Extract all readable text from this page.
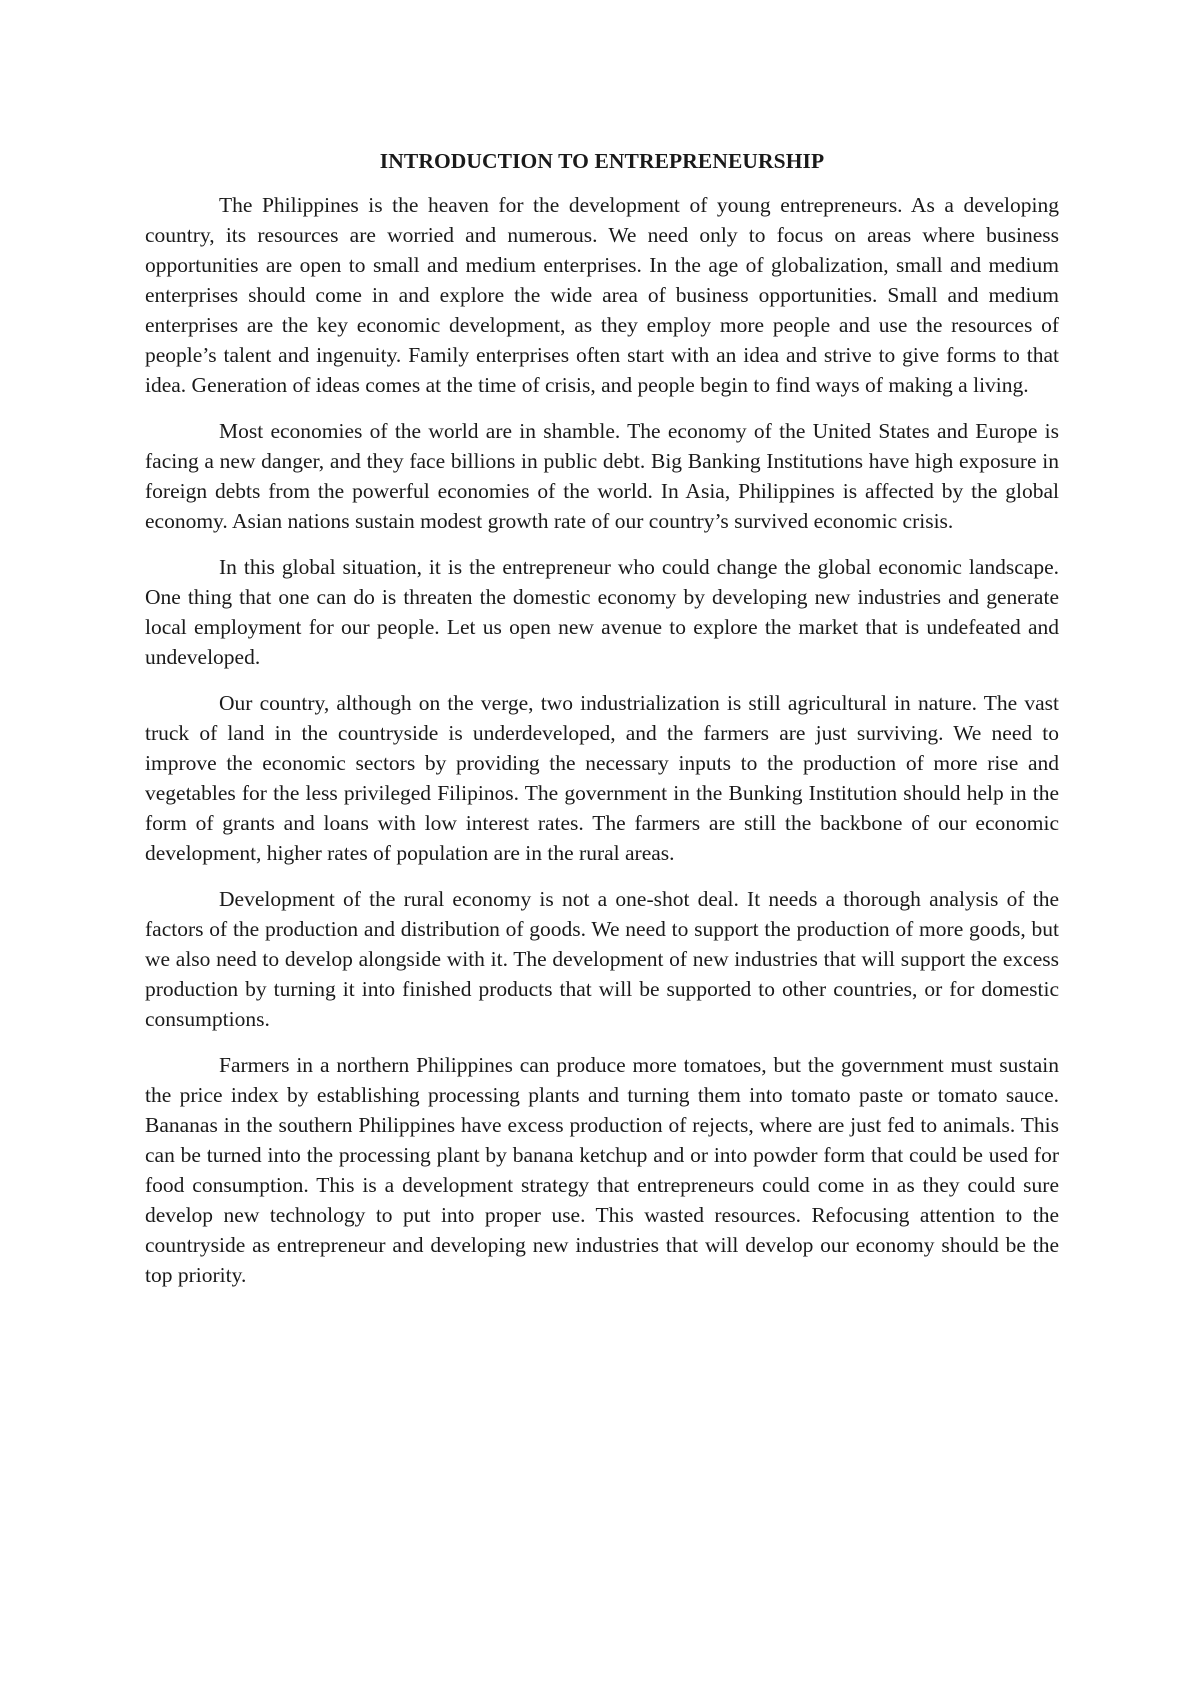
INTRODUCTION TO ENTREPRENEURSHIP

The Philippines is the heaven for the development of young entrepreneurs. As a developing country, its resources are worried and numerous. We need only to focus on areas where business opportunities are open to small and medium enterprises. In the age of globalization, small and medium enterprises should come in and explore the wide area of business opportunities. Small and medium enterprises are the key economic development, as they employ more people and use the resources of people’s talent and ingenuity. Family enterprises often start with an idea and strive to give forms to that idea. Generation of ideas comes at the time of crisis, and people begin to find ways of making a living.

Most economies of the world are in shamble. The economy of the United States and Europe is facing a new danger, and they face billions in public debt. Big Banking Institutions have high exposure in foreign debts from the powerful economies of the world. In Asia, Philippines is affected by the global economy. Asian nations sustain modest growth rate of our country’s survived economic crisis.

In this global situation, it is the entrepreneur who could change the global economic landscape. One thing that one can do is threaten the domestic economy by developing new industries and generate local employment for our people. Let us open new avenue to explore the market that is undefeated and undeveloped.

Our country, although on the verge, two industrialization is still agricultural in nature. The vast truck of land in the countryside is underdeveloped, and the farmers are just surviving. We need to improve the economic sectors by providing the necessary inputs to the production of more rise and vegetables for the less privileged Filipinos. The government in the Bunking Institution should help in the form of grants and loans with low interest rates. The farmers are still the backbone of our economic development, higher rates of population are in the rural areas.

Development of the rural economy is not a one-shot deal. It needs a thorough analysis of the factors of the production and distribution of goods. We need to support the production of more goods, but we also need to develop alongside with it. The development of new industries that will support the excess production by turning it into finished products that will be supported to other countries, or for domestic consumptions.

Farmers in a northern Philippines can produce more tomatoes, but the government must sustain the price index by establishing processing plants and turning them into tomato paste or tomato sauce. Bananas in the southern Philippines have excess production of rejects, where are just fed to animals. This can be turned into the processing plant by banana ketchup and or into powder form that could be used for food consumption. This is a development strategy that entrepreneurs could come in as they could sure develop new technology to put into proper use. This wasted resources. Refocusing attention to the countryside as entrepreneur and developing new industries that will develop our economy should be the top priority.
